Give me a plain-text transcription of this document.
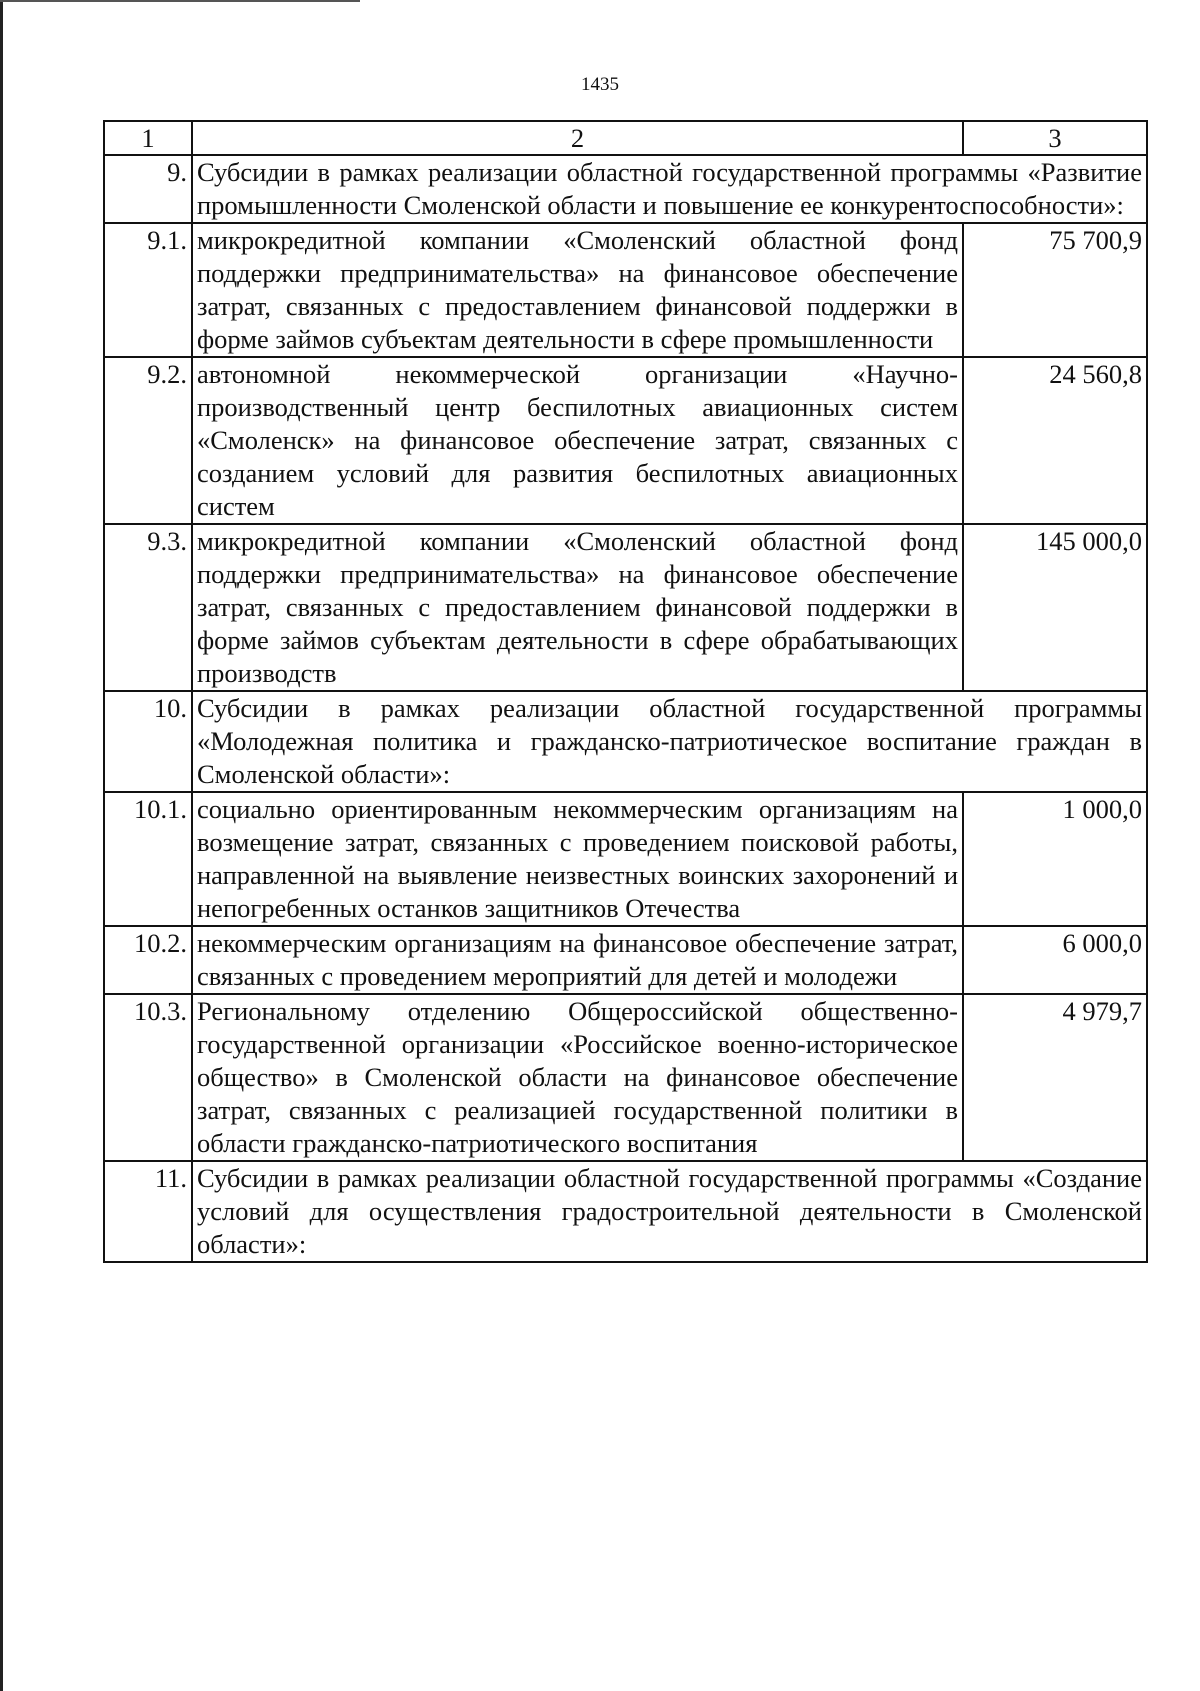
1435
1	2	3
9.	Субсидии в рамках реализации областной государственной программы «Развитие промышленности Смоленской области и повышение ее конкурентоспособности»:	
9.1.	микрокредитной компании «Смоленский областной фонд поддержки предпринимательства» на финансовое обеспечение затрат, связанных с предоставлением финансовой поддержки в форме займов субъектам деятельности в сфере промышленности	75 700,9
9.2.	автономной некоммерческой организации «Научно-производственный центр беспилотных авиационных систем «Смоленск» на финансовое обеспечение затрат, связанных с созданием условий для развития беспилотных авиационных систем	24 560,8
9.3.	микрокредитной компании «Смоленский областной фонд поддержки предпринимательства» на финансовое обеспечение затрат, связанных с предоставлением финансовой поддержки в форме займов субъектам деятельности в сфере обрабатывающих производств	145 000,0
10.	Субсидии в рамках реализации областной государственной программы «Молодежная политика и гражданско-патриотическое воспитание граждан в Смоленской области»:	
10.1.	социально ориентированным некоммерческим организациям на возмещение затрат, связанных с проведением поисковой работы, направленной на выявление неизвестных воинских захоронений и непогребенных останков защитников Отечества	1 000,0
10.2.	некоммерческим организациям на финансовое обеспечение затрат, связанных с проведением мероприятий для детей и молодежи	6 000,0
10.3.	Региональному отделению Общероссийской общественно-государственной организации «Российское военно-историческое общество» в Смоленской области на финансовое обеспечение затрат, связанных с реализацией государственной политики в области гражданско-патриотического воспитания	4 979,7
11.	Субсидии в рамках реализации областной государственной программы «Создание условий для осуществления градостроительной деятельности в Смоленской области»:	
